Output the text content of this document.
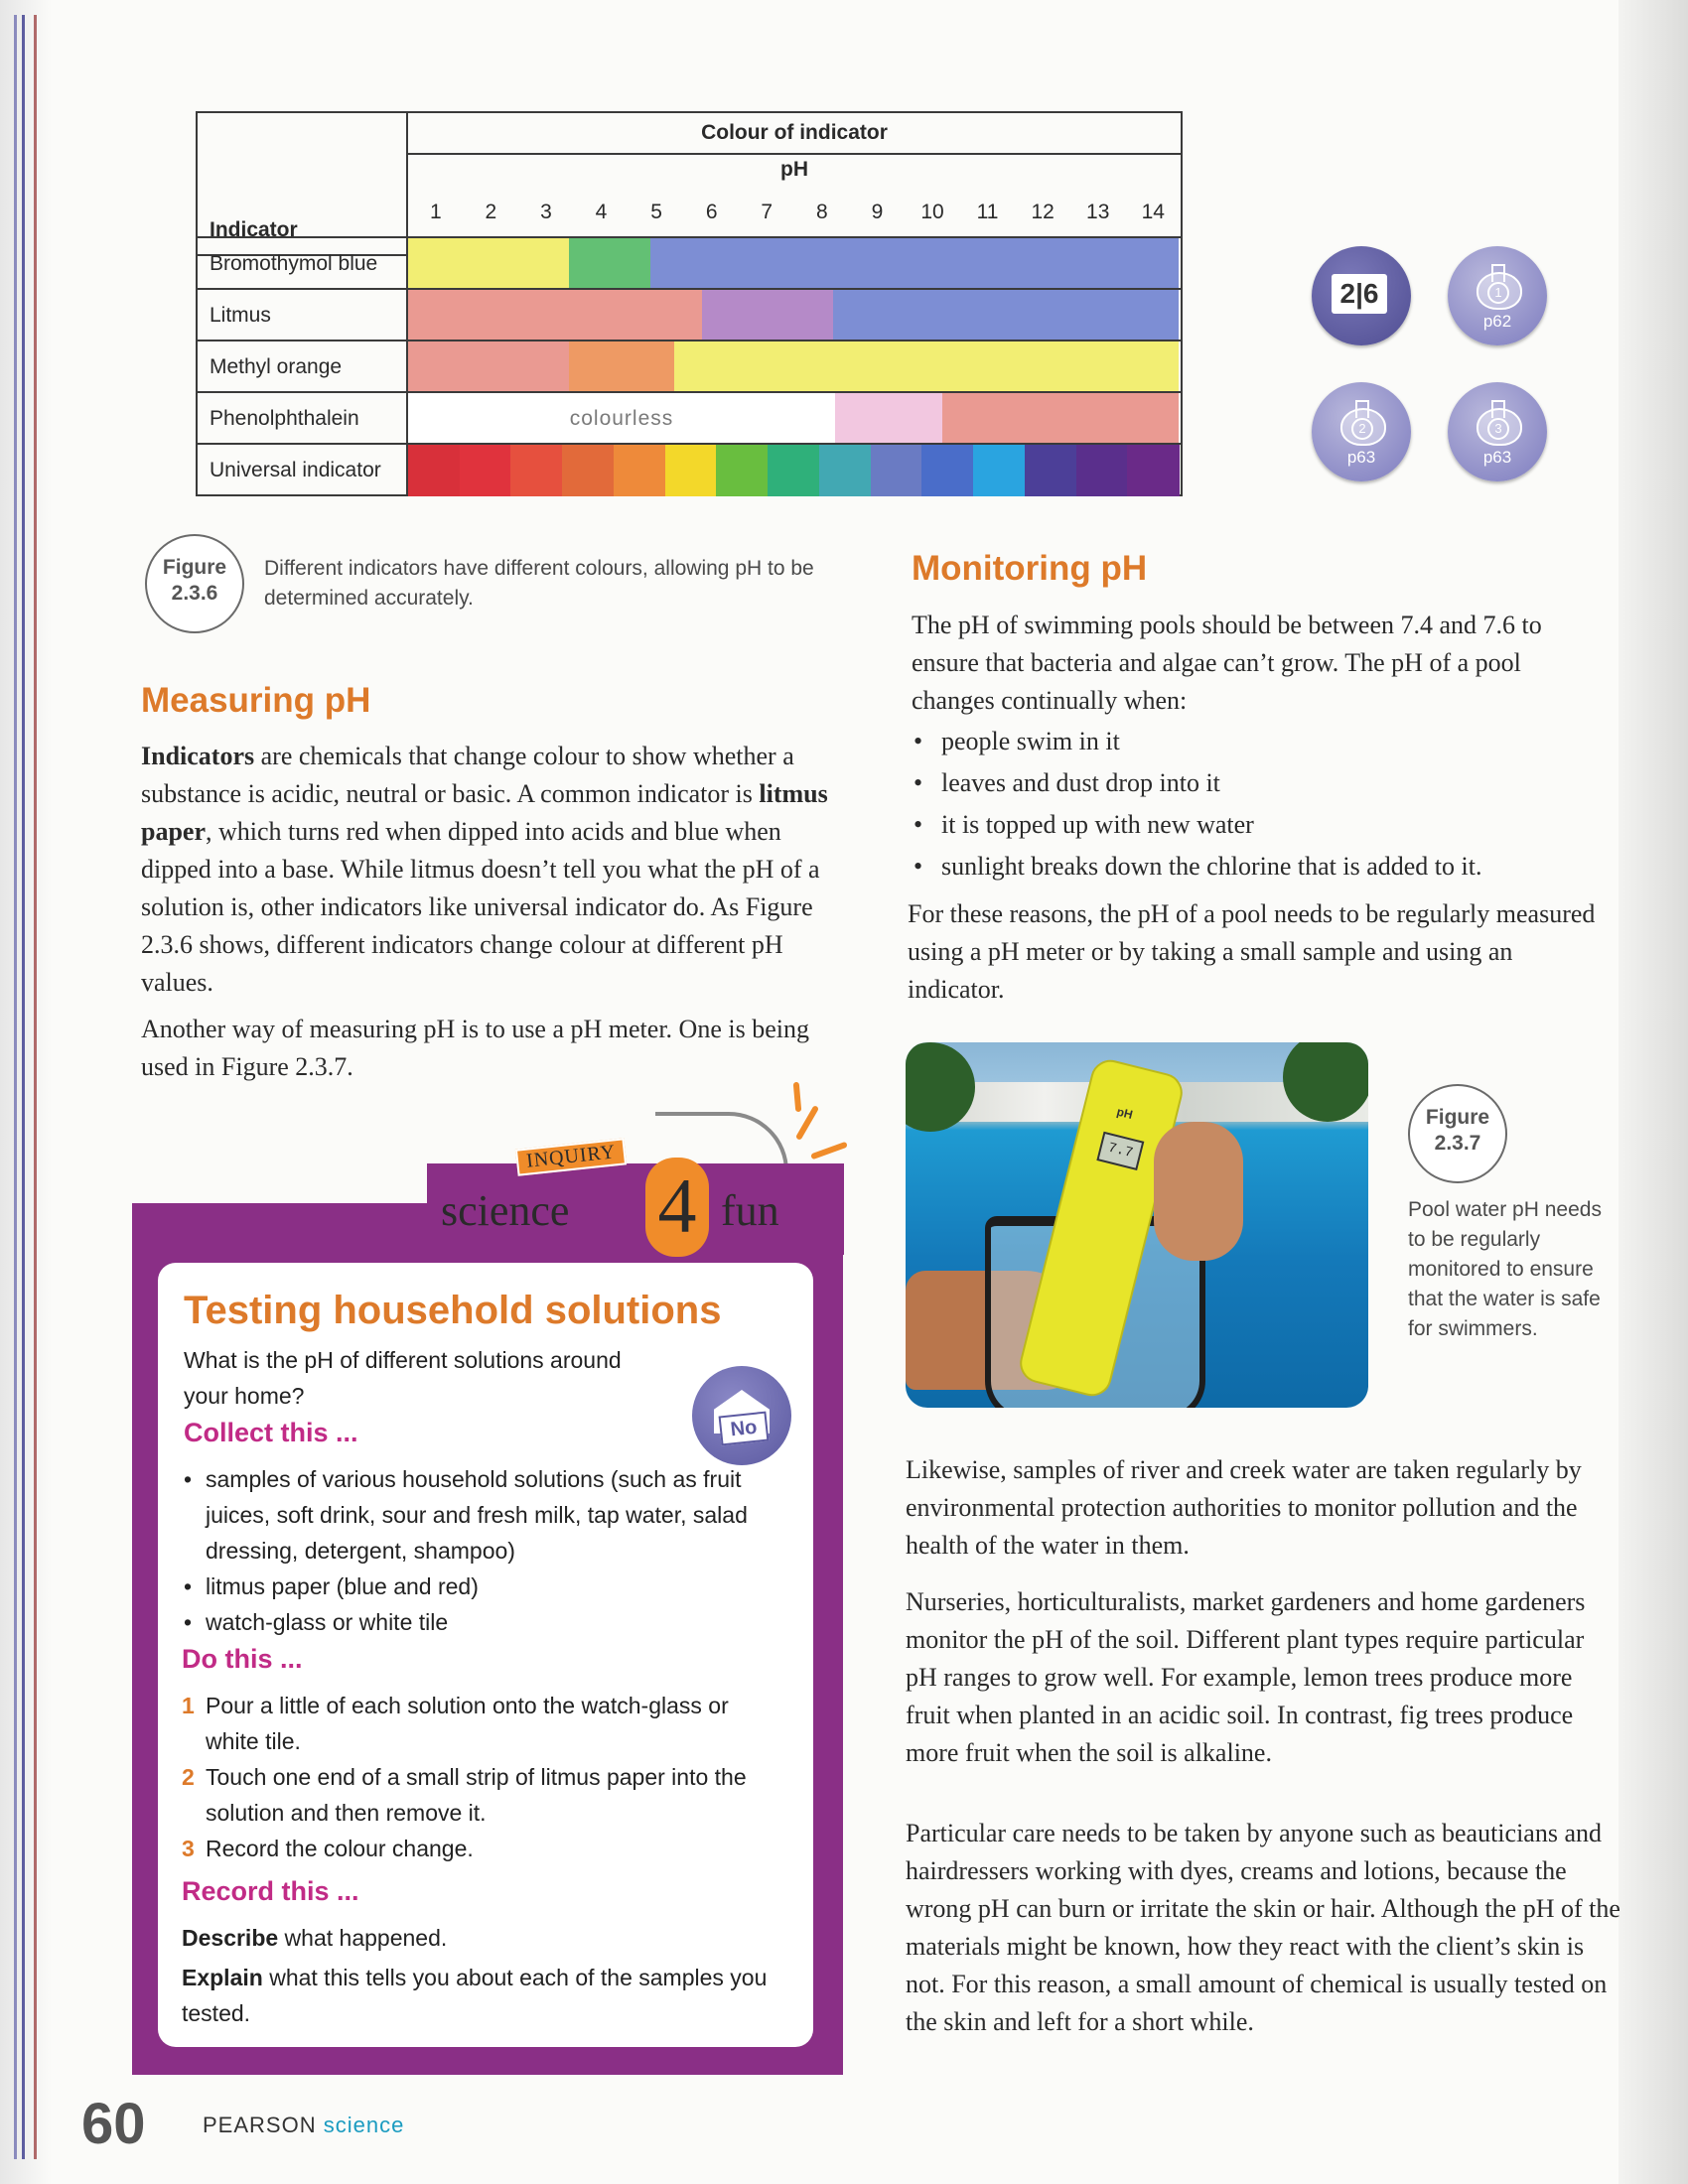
Indicator
Colour of indicator
pH
1	2	3	4	5	6	7	8	9	10	11	12	13	14
Bromothymol blue
Litmus
Methyl orange
Phenolphthalein	colourless
Universal indicator
2|6	1
p62
2
p63
3
p63
Figure
2.3.6
Different indicators have different colours, allowing pH to be determined accurately.
Measuring pH

Indicators are chemicals that change colour to show whether a substance is acidic, neutral or basic. A common indicator is litmus paper, which turns red when dipped into acids and blue when dipped into a base. While litmus doesn’t tell you what the pH of a solution is, other indicators like universal indicator do. As Figure 2.3.6 shows, different indicators change colour at different pH values.

Another way of measuring pH is to use a pH meter. One is being used in Figure 2.3.7.

Monitoring pH

The pH of swimming pools should be between 7.4 and 7.6 to ensure that bacteria and algae can’t grow. The pH of a pool changes continually when:

• people swim in it
• leaves and dust drop into it
• it is topped up with new water
• sunlight breaks down the chlorine that is added to it.

For these reasons, the pH of a pool needs to be regularly measured using a pH meter or by taking a small sample and using an indicator.

pH
7.7
Figure
2.3.7
Pool water pH needs to be regularly monitored to ensure that the water is safe for swimmers.

Likewise, samples of river and creek water are taken regularly by environmental protection authorities to monitor pollution and the health of the water in them.

Nurseries, horticulturalists, market gardeners and home gardeners monitor the pH of the soil. Different plant types require particular pH ranges to grow well. For example, lemon trees produce more fruit when planted in an acidic soil. In contrast, fig trees produce more fruit when the soil is alkaline.

Particular care needs to be taken by anyone such as beauticians and hairdressers working with dyes, creams and lotions, because the wrong pH can burn or irritate the skin or hair. Although the pH of the materials might be known, how they react with the client’s skin is not. For this reason, a small amount of chemical is usually tested on the skin and left for a short while.

INQUIRY
science 4 fun
Testing household solutions
What is the pH of different solutions around your home?
No
Collect this ...
• samples of various household solutions (such as fruit juices, soft drink, sour and fresh milk, tap water, salad dressing, detergent, shampoo)
• litmus paper (blue and red)
• watch-glass or white tile
Do this ...
1 Pour a little of each solution onto the watch-glass or white tile.
2 Touch one end of a small strip of litmus paper into the solution and then remove it.
3 Record the colour change.
Record this ...
Describe what happened.
Explain what this tells you about each of the samples you tested.
60	PEARSON science
